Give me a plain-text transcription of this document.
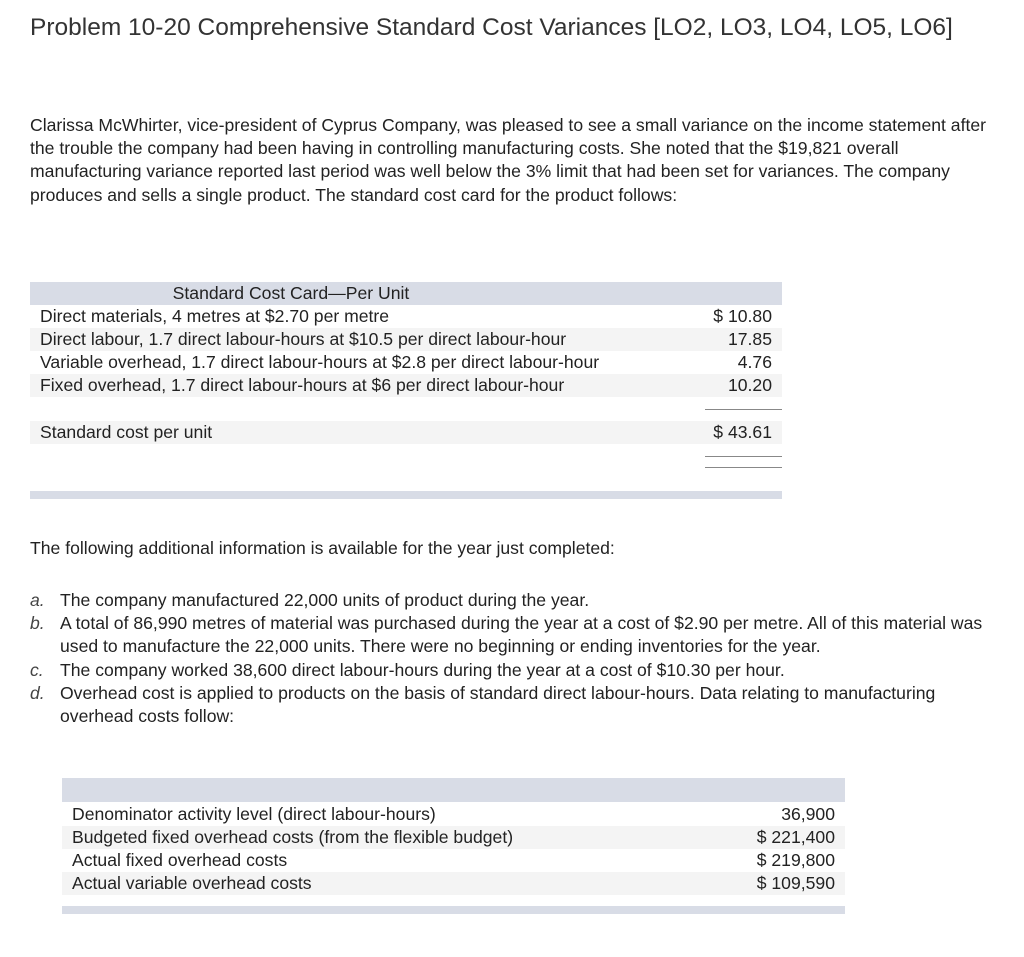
Problem 10-20 Comprehensive Standard Cost Variances [LO2, LO3, LO4, LO5, LO6]
Clarissa McWhirter, vice-president of Cyprus Company, was pleased to see a small variance on the income statement after the trouble the company had been having in controlling manufacturing costs. She noted that the $19,821 overall manufacturing variance reported last period was well below the 3% limit that had been set for variances. The company produces and sells a single product. The standard cost card for the product follows:
Standard Cost Card—Per Unit	
Direct materials, 4 metres at $2.70 per metre	$ 10.80
Direct labour, 1.7 direct labour-hours at $10.5 per direct labour-hour	17.85
Variable overhead, 1.7 direct labour-hours at $2.8 per direct labour-hour	4.76
Fixed overhead, 1.7 direct labour-hours at $6 per direct labour-hour	10.20

Standard cost per unit	$ 43.61
The following additional information is available for the year just completed:
a. The company manufactured 22,000 units of product during the year.
b. A total of 86,990 metres of material was purchased during the year at a cost of $2.90 per metre. All of this material was used to manufacture the 22,000 units. There were no beginning or ending inventories for the year.
c. The company worked 38,600 direct labour-hours during the year at a cost of $10.30 per hour.
d. Overhead cost is applied to products on the basis of standard direct labour-hours. Data relating to manufacturing overhead costs follow:
Denominator activity level (direct labour-hours)	36,900
Budgeted fixed overhead costs (from the flexible budget)	$ 221,400
Actual fixed overhead costs	$ 219,800
Actual variable overhead costs	$ 109,590
